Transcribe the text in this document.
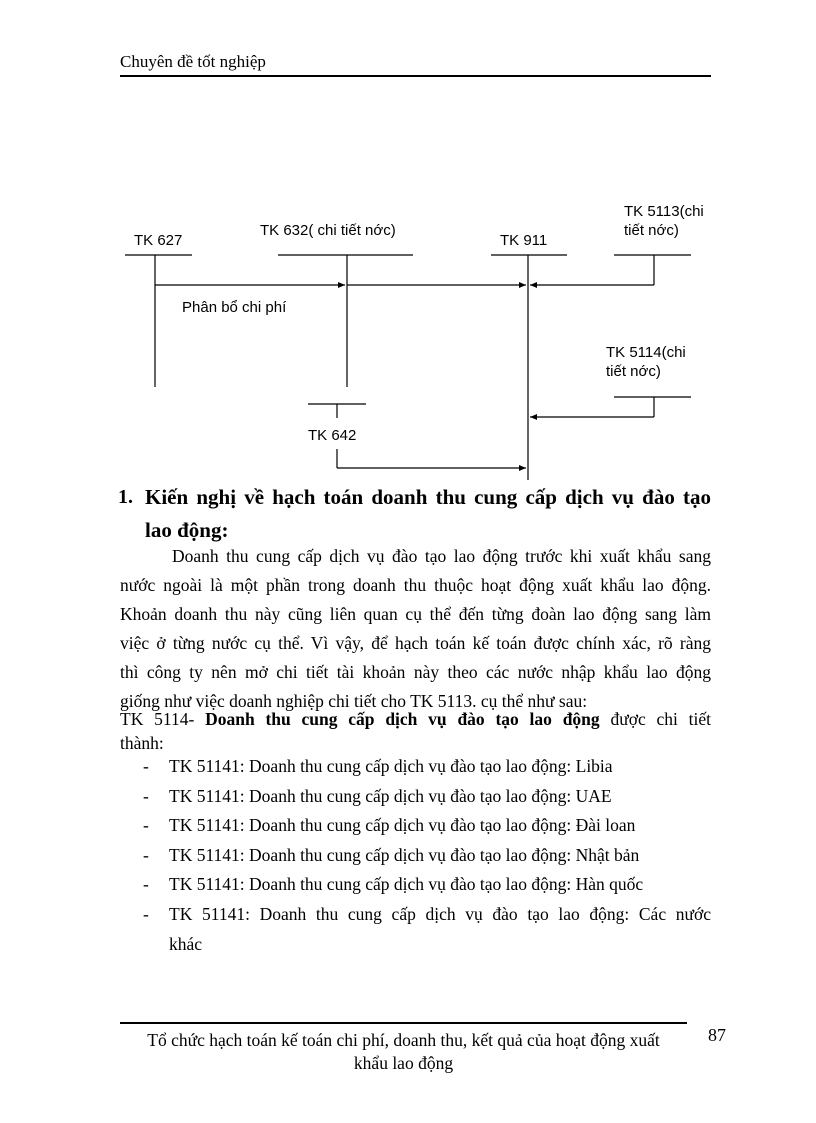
Chuyên đề tốt nghiệp
TK 627
TK 632( chi tiết nớc)
TK 911
TK 5113(chi
tiết nớc)
Phân bổ chi phí
TK 5114(chi
tiết nớc)
TK 642
1. Kiến nghị về hạch toán doanh thu cung cấp dịch vụ đào tạo
lao động:
Doanh thu cung cấp dịch vụ đào tạo lao động trước khi xuất khẩu sang
nước ngoài là một phần trong doanh thu thuộc hoạt động xuất khẩu lao động.
Khoản doanh thu này cũng liên quan cụ thể đến từng đoàn lao động sang làm
việc ở từng nước cụ thể. Vì vậy, để hạch toán kế toán được chính xác, rõ ràng
thì công ty nên mở chi tiết tài khoản này theo các nước nhập khẩu lao động
giống như việc doanh nghiệp chi tiết cho TK 5113. cụ thể như sau:
TK 5114- Doanh thu cung cấp dịch vụ đào tạo lao động được chi tiết
thành:
- TK 51141: Doanh thu cung cấp dịch vụ đào tạo lao động: Libia
- TK 51141: Doanh thu cung cấp dịch vụ đào tạo lao động: UAE
- TK 51141: Doanh thu cung cấp dịch vụ đào tạo lao động: Đài loan
- TK 51141: Doanh thu cung cấp dịch vụ đào tạo lao động: Nhật bản
- TK 51141: Doanh thu cung cấp dịch vụ đào tạo lao động: Hàn quốc
- TK 51141: Doanh thu cung cấp dịch vụ đào tạo lao động: Các nước
khác
Tổ chức hạch toán kế toán chi phí, doanh thu, kết quả của hoạt động xuất
khẩu lao động
87
